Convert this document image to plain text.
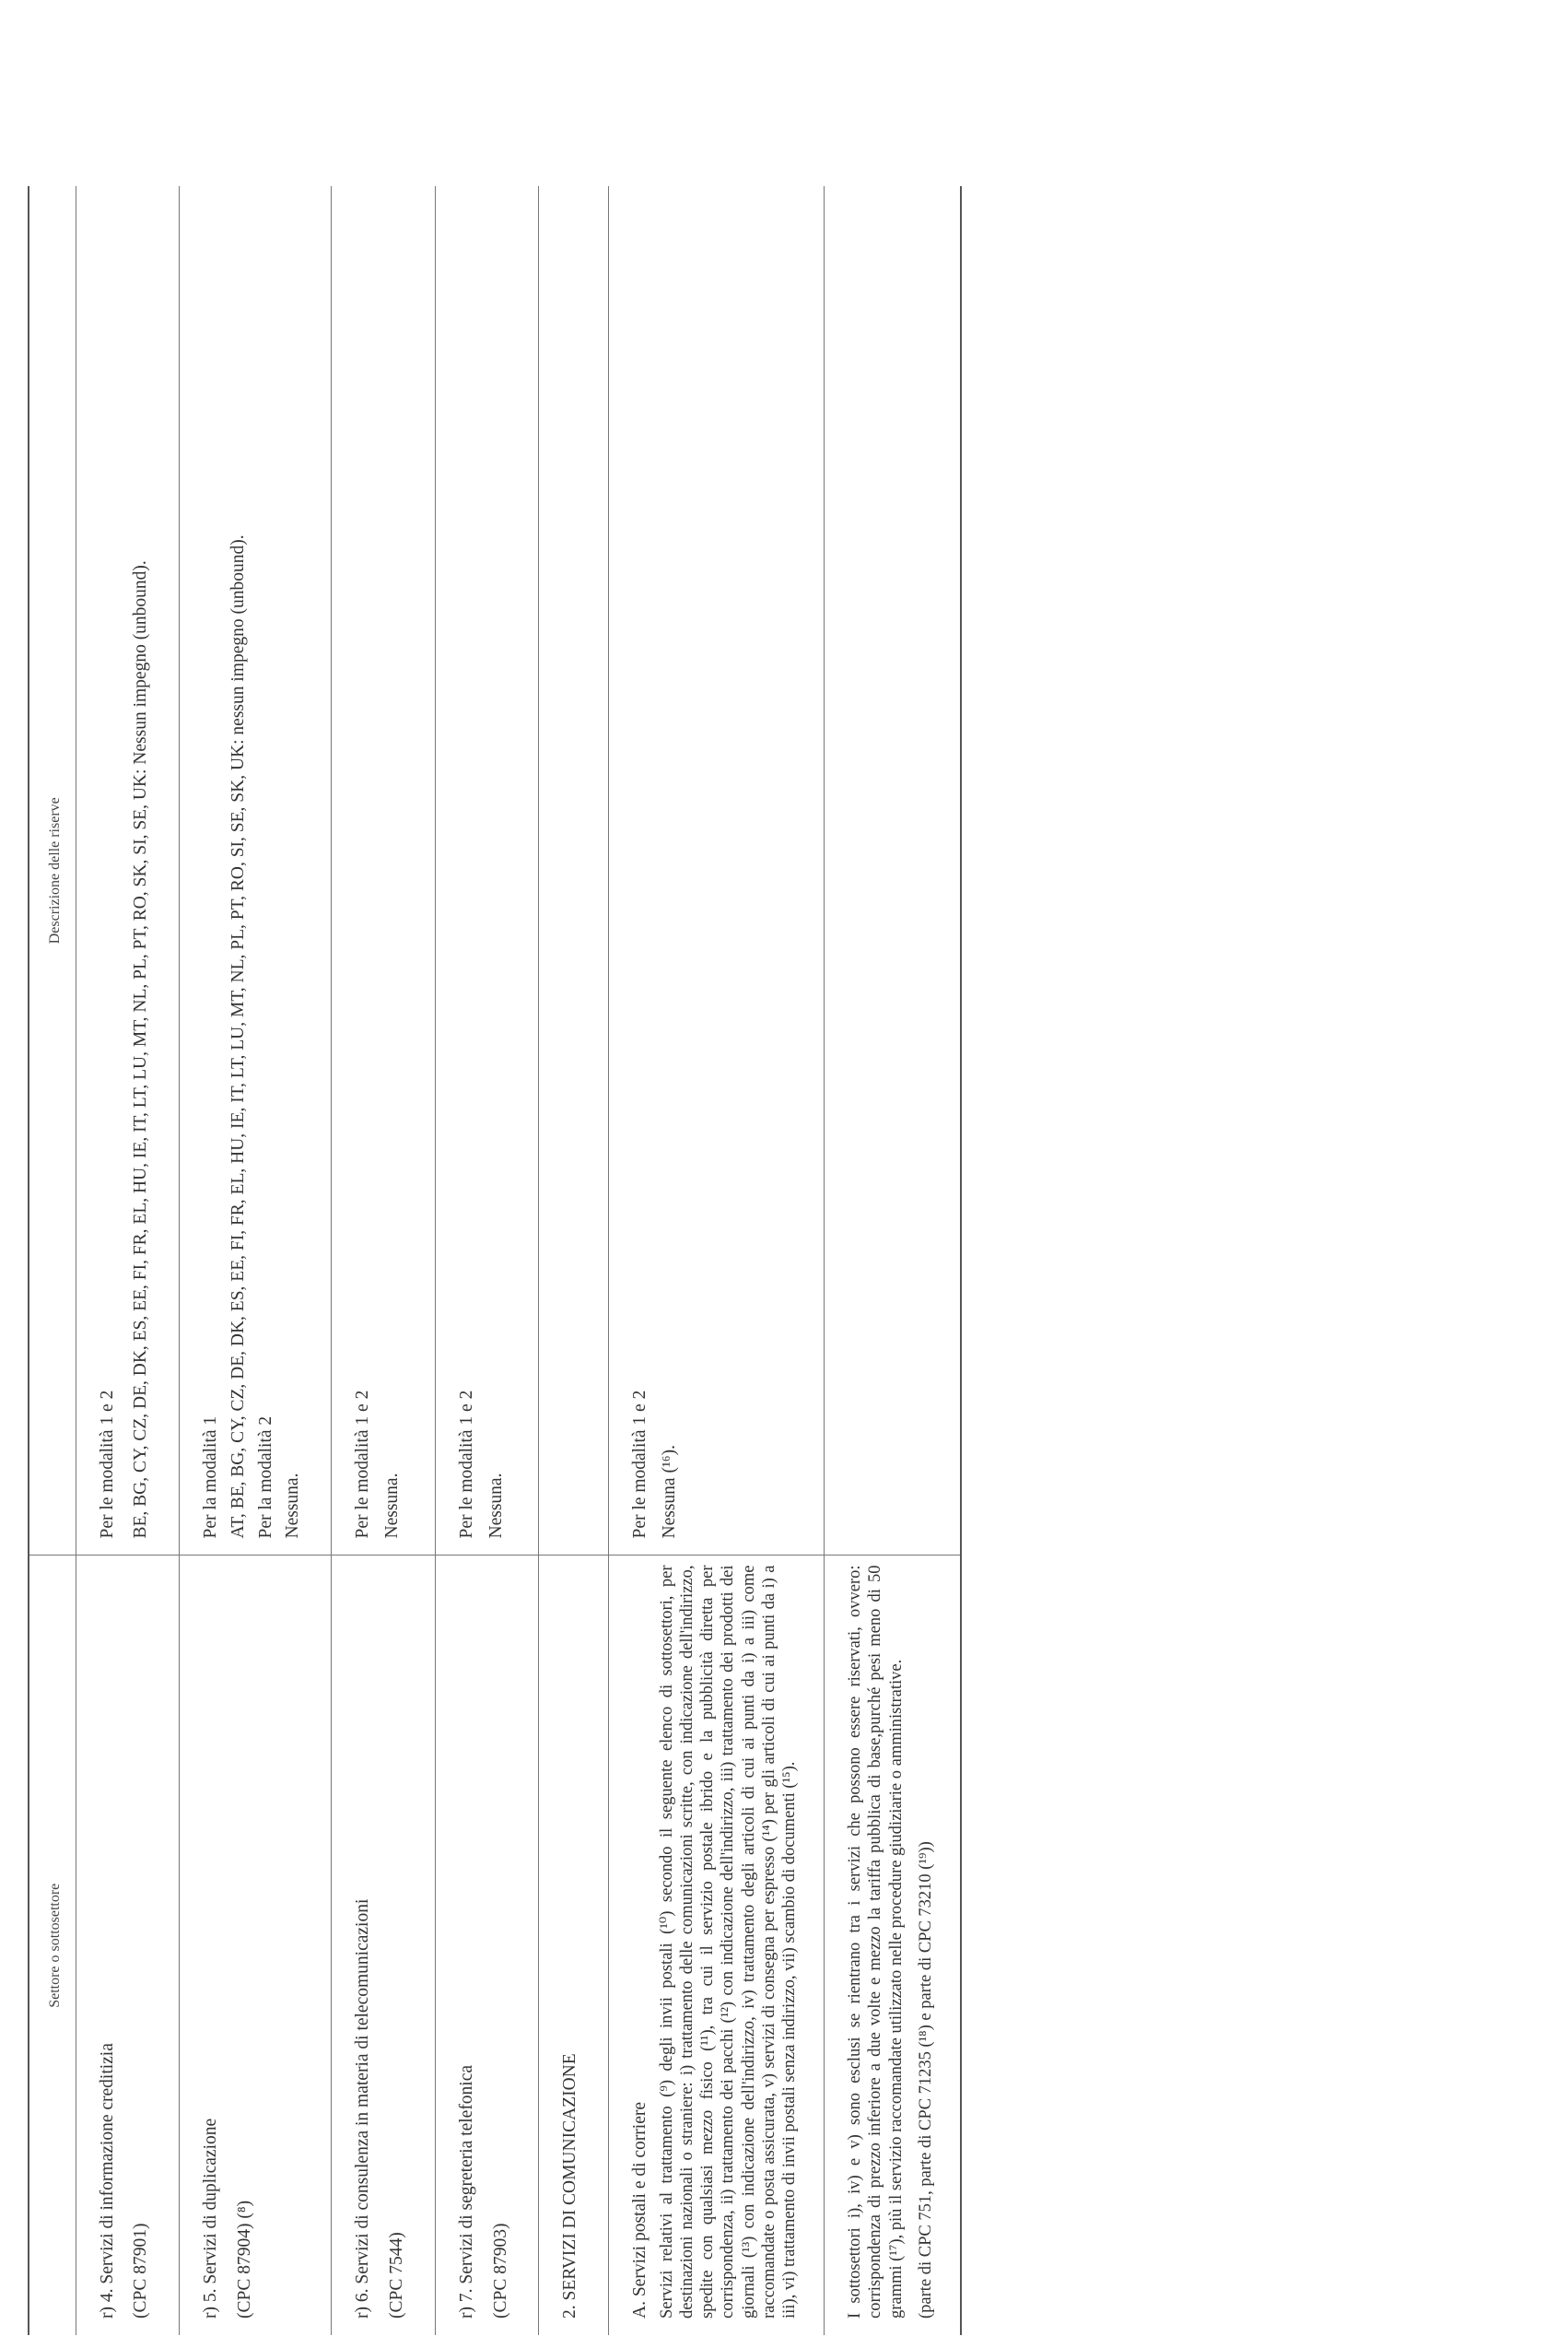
Settore o sottosettore	Descrizione delle riserve

r) 4. Servizi di informazione creditizia (CPC 87901)	Per le modalità 1 e 2 BE, BG, CY, CZ, DE, DK, ES, EE, FI, FR, EL, HU, IE, IT, LT, LU, MT, NL, PL, PT, RO, SK, SI, SE, UK: Nessun impegno (unbound).

r) 5. Servizi di duplicazione (CPC 87904) (⁸)	Per la modalità 1 AT, BE, BG, CY, CZ, DE, DK, ES, EE, FI, FR, EL, HU, IE, IT, LT, LU, MT, NL, PL, PT, RO, SI, SE, SK, UK: nessun impegno (unbound). Per la modalità 2 Nessuna.

r) 6. Servizi di consulenza in materia di telecomunicazioni (CPC 7544)	Per le modalità 1 e 2 Nessuna.

r) 7. Servizi di segreteria telefonica (CPC 87903)	Per le modalità 1 e 2 Nessuna.

2. SERVIZI DI COMUNICAZIONE	

A. Servizi postali e di corriere Servizi relativi al trattamento (⁹) degli invii postali (¹⁰) secondo il seguente elenco di sottosettori, per destinazioni nazionali o straniere: i) trattamento delle comunicazioni scritte, con indicazione dell'indirizzo, spedite con qualsiasi mezzo fisico (¹¹), tra cui il servizio postale ibrido e la pubblicità diretta per corrispondenza, ii) trattamento dei pacchi (¹²) con indicazione dell'indirizzo, iii) trattamento dei prodotti dei giornali (¹³) con indicazione dell'indirizzo, iv) trattamento degli articoli di cui ai punti da i) a iii) come raccomandate o posta assicurata, v) servizi di consegna per espresso (¹⁴) per gli articoli di cui ai punti da i) a iii), vi) trattamento di invii postali senza indirizzo, vii) scambio di documenti (¹⁵).	Per le modalità 1 e 2 Nessuna (¹⁶).

I sottosettori i), iv) e v) sono esclusi se rientrano tra i servizi che possono essere riservati, ovvero: corrispondenza di prezzo inferiore a due volte e mezzo la tariffa pubblica di base,purché pesi meno di 50 grammi (¹⁷), più il servizio raccomandate utilizzato nelle procedure giudiziarie o amministrative. (parte di CPC 751, parte di CPC 71235 (¹⁸) e parte di CPC 73210 (¹⁹))	
